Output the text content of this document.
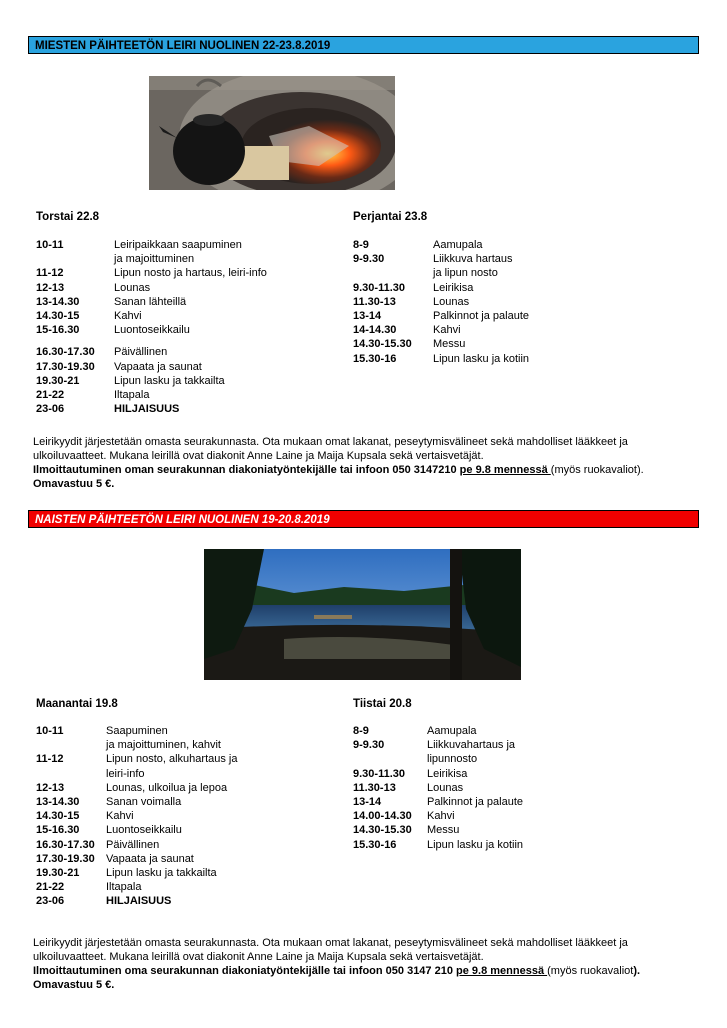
MIESTEN PÄIHTEETÖN LEIRI NUOLINEN 22-23.8.2019
Torstai 22.8
10-11	Leiripaikkaan saapuminen
ja majoittuminen
11-12	Lipun nosto ja hartaus, leiri-info
12-13	Lounas
13-14.30	Sanan lähteillä
14.30-15	Kahvi
15-16.30	Luontoseikkailu
16.30-17.30	Päivällinen
17.30-19.30	Vapaata ja saunat
19.30-21	Lipun lasku ja takkailta
21-22	Iltapala
23-06	HILJAISUUS
Perjantai 23.8
8-9	Aamupala
9-9.30	Liikkuva hartaus
ja lipun nosto
9.30-11.30	Leirikisa
11.30-13	Lounas
13-14	Palkinnot ja palaute
14-14.30	Kahvi
14.30-15.30	Messu
15.30-16	Lipun lasku ja kotiin
Leirikyydit järjestetään omasta seurakunnasta. Ota mukaan omat lakanat, peseytymisvälineet sekä mahdolliset lääkkeet ja ulkoiluvaatteet. Mukana leirillä ovat diakonit Anne Laine ja Maija Kupsala sekä vertaisvetäjät.
Ilmoittautuminen oman seurakunnan diakoniatyöntekijälle tai infoon 050 3147210 pe 9.8 mennessä (myös ruokavaliot). Omavastuu 5 €.
NAISTEN PÄIHTEETÖN LEIRI NUOLINEN 19-20.8.2019
Maanantai 19.8
10-11	Saapuminen
ja majoittuminen, kahvit
11-12	Lipun nosto, alkuhartaus ja
leiri-info
12-13	Lounas, ulkoilua ja lepoa
13-14.30	Sanan voimalla
14.30-15	Kahvi
15-16.30	Luontoseikkailu
16.30-17.30	Päivällinen
17.30-19.30	Vapaata ja saunat
19.30-21	Lipun lasku ja takkailta
21-22	Iltapala
23-06	HILJAISUUS
Tiistai 20.8
8-9	Aamupala
9-9.30	Liikkuvahartaus ja
lipunnosto
9.30-11.30	Leirikisa
11.30-13	Lounas
13-14	Palkinnot ja palaute
14.00-14.30	Kahvi
14.30-15.30	Messu
15.30-16	Lipun lasku ja kotiin
Leirikyydit järjestetään omasta seurakunnasta. Ota mukaan omat lakanat, peseytymisvälineet sekä mahdolliset lääkkeet ja ulkoiluvaatteet. Mukana leirillä ovat diakonit Anne Laine ja Maija Kupsala sekä vertaisvetäjät.
Ilmoittautuminen oma seurakunnan diakoniatyöntekijälle tai infoon 050 3147 210 pe 9.8 mennessä (myös ruokavaliot). Omavastuu 5 €.
